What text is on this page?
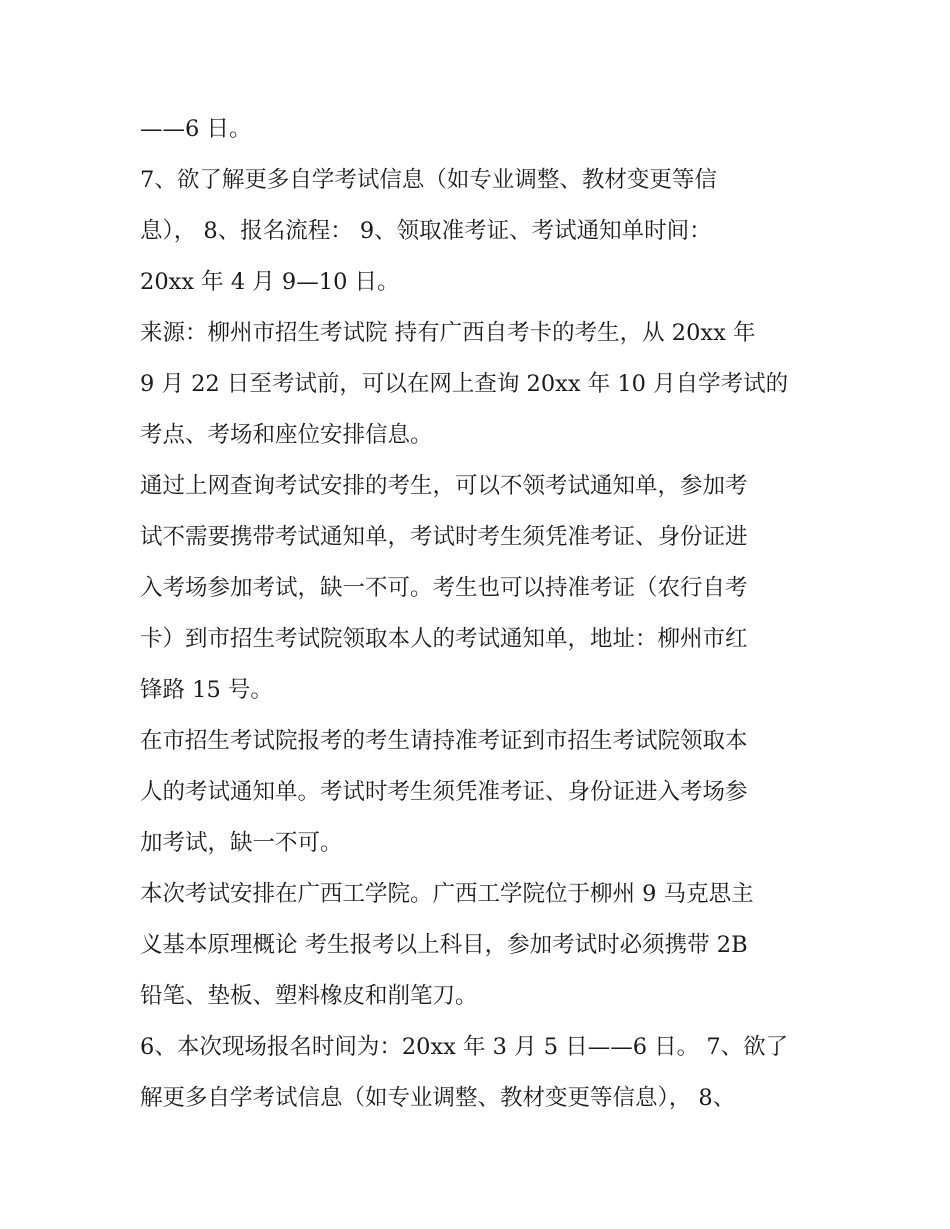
——6 日。
7、欲了解更多自学考试信息（如专业调整、教材变更等信
息）， 8、报名流程： 9、领取准考证、考试通知单时间：
20xx 年 4 月 9—10 日。
来源：柳州市招生考试院 持有广西自考卡的考生，从 20xx 年
9 月 22 日至考试前，可以在网上查询 20xx 年 10 月自学考试的
考点、考场和座位安排信息。
通过上网查询考试安排的考生，可以不领考试通知单，参加考
试不需要携带考试通知单，考试时考生须凭准考证、身份证进
入考场参加考试，缺一不可。考生也可以持准考证（农行自考
卡）到市招生考试院领取本人的考试通知单，地址：柳州市红
锋路 15 号。
在市招生考试院报考的考生请持准考证到市招生考试院领取本
人的考试通知单。考试时考生须凭准考证、身份证进入考场参
加考试，缺一不可。
本次考试安排在广西工学院。广西工学院位于柳州 9 马克思主
义基本原理概论 考生报考以上科目，参加考试时必须携带 2B
铅笔、垫板、塑料橡皮和削笔刀。
6、本次现场报名时间为：20xx 年 3 月 5 日——6 日。 7、欲了
解更多自学考试信息（如专业调整、教材变更等信息）， 8、
